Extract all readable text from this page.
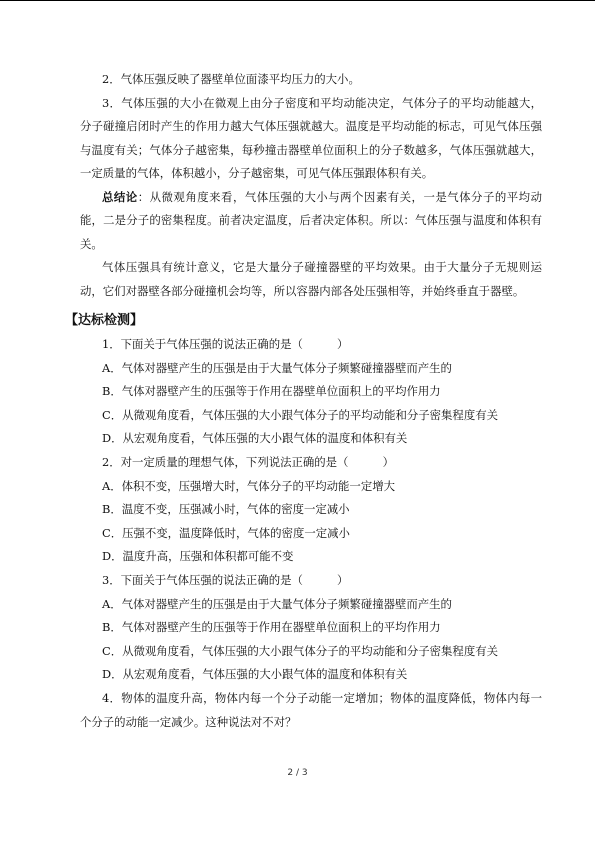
2．气体压强反映了器壁单位面漆平均压力的大小。

3．气体压强的大小在微观上由分子密度和平均动能决定，气体分子的平均动能越大，分子碰撞启闭时产生的作用力越大气体压强就越大。温度是平均动能的标志，可见气体压强与温度有关；气体分子越密集，每秒撞击器壁单位面积上的分子数越多，气体压强就越大，一定质量的气体，体积越小，分子越密集，可见气体压强跟体积有关。

总结论：从微观角度来看，气体压强的大小与两个因素有关，一是气体分子的平均动能，二是分子的密集程度。前者决定温度，后者决定体积。所以：气体压强与温度和体积有关。

气体压强具有统计意义，它是大量分子碰撞器壁的平均效果。由于大量分子无规则运动，它们对器壁各部分碰撞机会均等，所以容器内部各处压强相等，并始终垂直于器壁。

【达标检测】

1．下面关于气体压强的说法正确的是（　　　）

A．气体对器壁产生的压强是由于大量气体分子频繁碰撞器壁而产生的

B．气体对器壁产生的压强等于作用在器壁单位面积上的平均作用力

C．从微观角度看，气体压强的大小跟气体分子的平均动能和分子密集程度有关

D．从宏观角度看，气体压强的大小跟气体的温度和体积有关

2．对一定质量的理想气体，下列说法正确的是（　　　）

A．体积不变，压强增大时，气体分子的平均动能一定增大

B．温度不变，压强减小时，气体的密度一定减小

C．压强不变，温度降低时，气体的密度一定减小

D．温度升高，压强和体积都可能不变

3．下面关于气体压强的说法正确的是（　　　）

A．气体对器壁产生的压强是由于大量气体分子频繁碰撞器壁而产生的

B．气体对器壁产生的压强等于作用在器壁单位面积上的平均作用力

C．从微观角度看，气体压强的大小跟气体分子的平均动能和分子密集程度有关

D．从宏观角度看，气体压强的大小跟气体的温度和体积有关

4．物体的温度升高，物体内每一个分子动能一定增加；物体的温度降低，物体内每一个分子的动能一定减少。这种说法对不对？

2 / 3
